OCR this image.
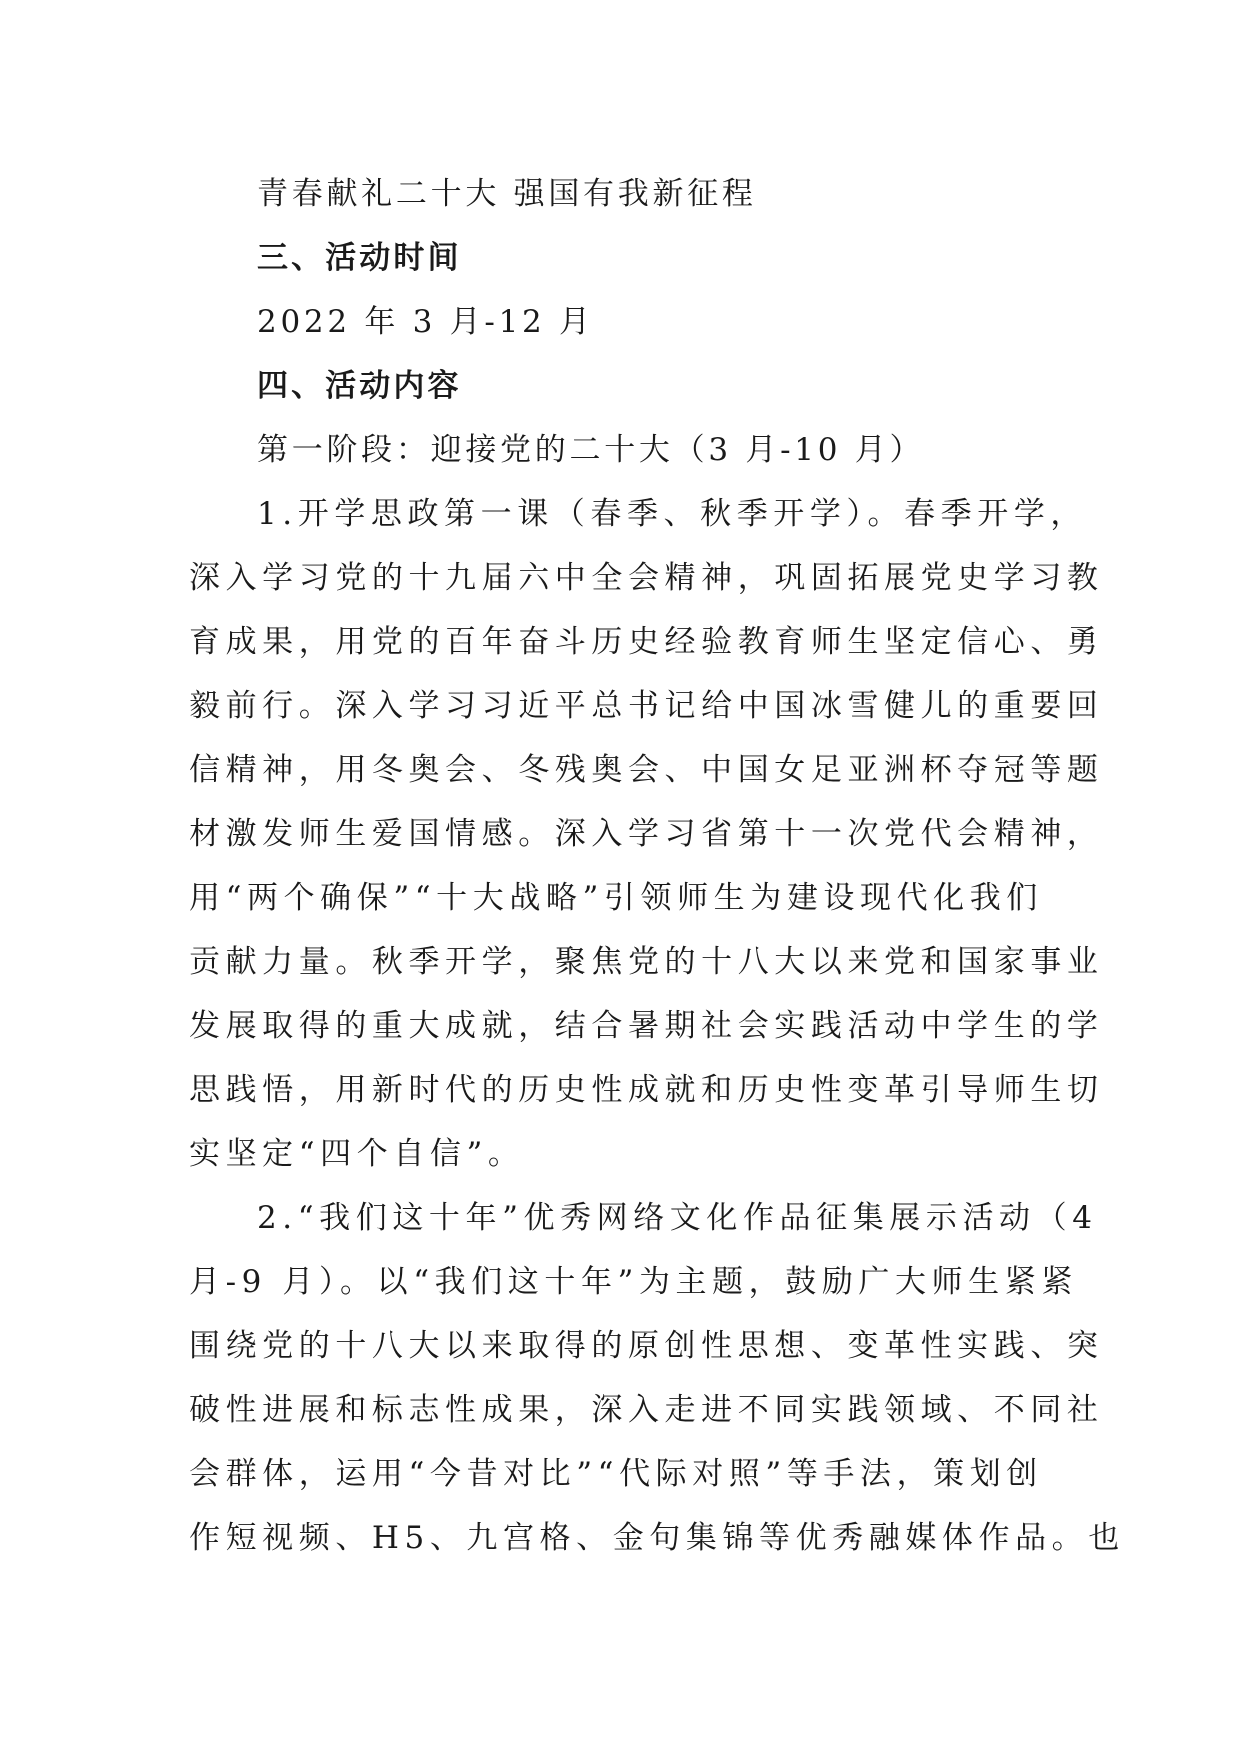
青春献礼二十大 强国有我新征程
三、活动时间
2022 年 3 月-12 月
四、活动内容
第一阶段：迎接党的二十大（3 月-10 月）
1.开学思政第一课（春季、秋季开学）。春季开学，
深入学习党的十九届六中全会精神，巩固拓展党史学习教
育成果，用党的百年奋斗历史经验教育师生坚定信心、勇
毅前行。深入学习习近平总书记给中国冰雪健儿的重要回
信精神，用冬奥会、冬残奥会、中国女足亚洲杯夺冠等题
材激发师生爱国情感。深入学习省第十一次党代会精神，
用“两个确保”“十大战略”引领师生为建设现代化我们
贡献力量。秋季开学，聚焦党的十八大以来党和国家事业
发展取得的重大成就，结合暑期社会实践活动中学生的学
思践悟，用新时代的历史性成就和历史性变革引导师生切
实坚定“四个自信”。
2.“我们这十年”优秀网络文化作品征集展示活动（4
月-9 月）。以“我们这十年”为主题，鼓励广大师生紧紧
围绕党的十八大以来取得的原创性思想、变革性实践、突
破性进展和标志性成果，深入走进不同实践领域、不同社
会群体，运用“今昔对比”“代际对照”等手法，策划创
作短视频、H5、九宫格、金句集锦等优秀融媒体作品。也
